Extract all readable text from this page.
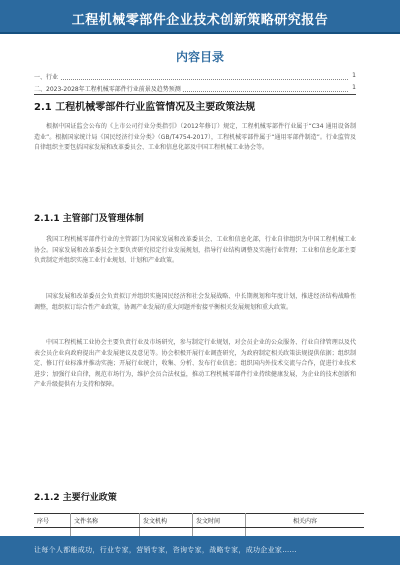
工程机械零部件企业技术创新策略研究报告
内容目录
一、行业	1
二、2023-2028年工程机械零部件行业前景及趋势预测	1
2.1 工程机械零部件行业监管情况及主要政策法规
根据中国证监会公布的《上市公司行业分类指引》（2012年修订）规定，工程机械零部件行业属于“C34 通用设备制造业”。根据国家统计局《国民经济行业分类》（GB/T4754-2017），工程机械零部件属于“通用零部件制造”。行业监管及自律组织主要包括国家发展和改革委员会、工业和信息化部及中国工程机械工业协会等。
2.1.1 主管部门及管理体制
我国工程机械零部件行业的主管部门为国家发展和改革委员会、工业和信息化部，行业自律组织为中国工程机械工业协会。国家发展和改革委员会主要负责研究拟定行业发展规划，指导行业结构调整及实施行业管理；工业和信息化部主要负责制定并组织实施工业行业规划、计划和产业政策。
国家发展和改革委员会负责拟订并组织实施国民经济和社会发展战略、中长期规划和年度计划，推进经济结构战略性调整，组织拟订综合性产业政策，协调产业发展的重大问题并衔接平衡相关发展规划和重大政策。
中国工程机械工业协会主要负责行业及市场研究，参与制定行业规划，对会员企业的公众服务、行业自律管理以及代表会员企业向政府提出产业发展建议及意见等。协会积极开展行业调查研究，为政府制定相关政策法规提供依据；组织制定、修订行业标准并推动实施；开展行业统计，收集、分析、发布行业信息；组织国内外技术交流与合作，促进行业技术进步；加强行业自律，规范市场行为，维护会员合法权益，推动工程机械零部件行业持续健康发展，为企业的技术创新和产业升级提供有力支持和保障。
2.1.2 主要行业政策
序号	文件名称	发文机构	发文时间	相关内容

让每个人都能成功，行业专家，营销专家，咨询专家，战略专家，成功企业家……
